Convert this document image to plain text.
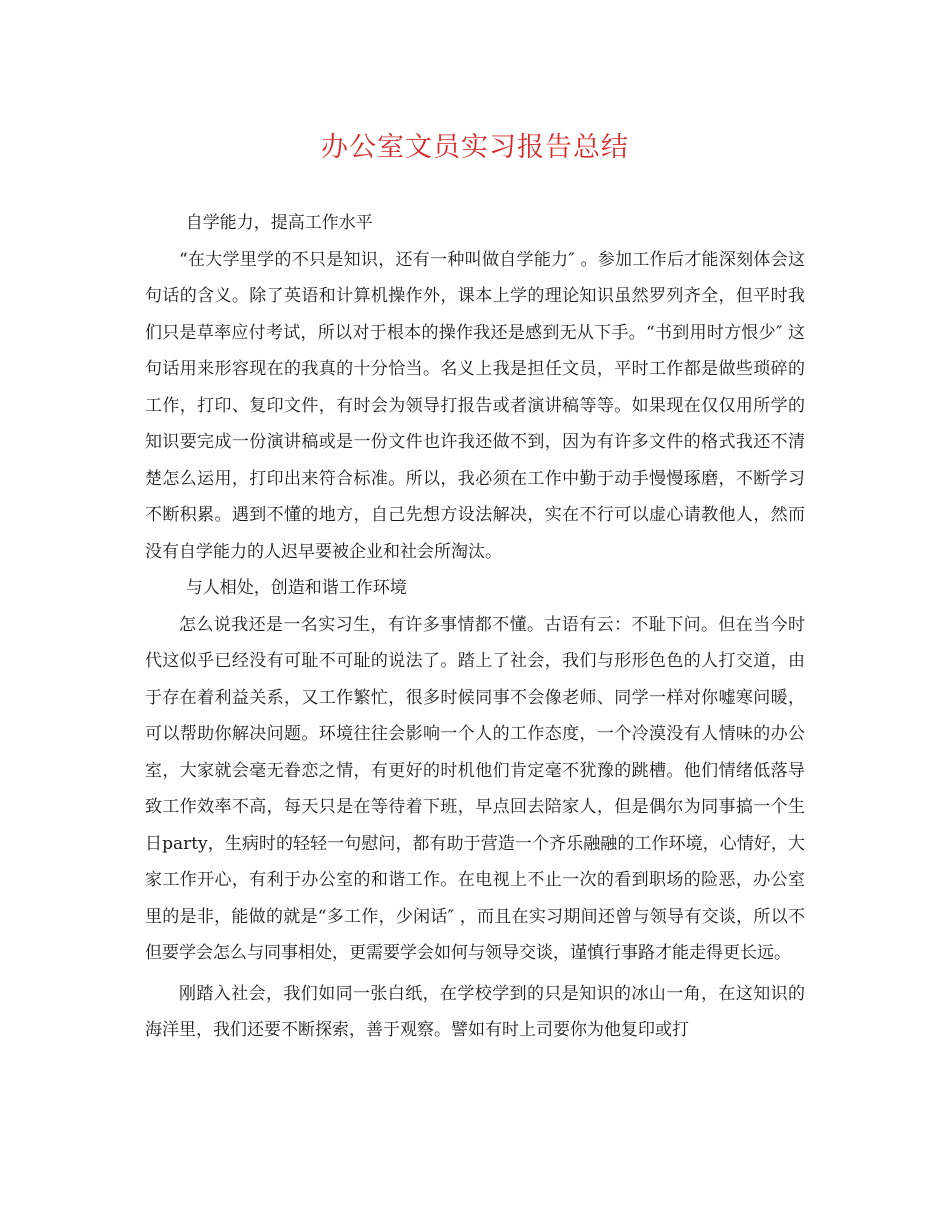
办公室文员实习报告总结

自学能力，提高工作水平

“在大学里学的不只是知识，还有一种叫做自学能力″ 。参加工作后才能深刻体会这句话的含义。除了英语和计算机操作外，课本上学的理论知识虽然罗列齐全，但平时我们只是草率应付考试，所以对于根本的操作我还是感到无从下手。“书到用时方恨少″ 这句话用来形容现在的我真的十分恰当。名义上我是担任文员，平时工作都是做些琐碎的工作，打印、复印文件，有时会为领导打报告或者演讲稿等等。如果现在仅仅用所学的知识要完成一份演讲稿或是一份文件也许我还做不到，因为有许多文件的格式我还不清楚怎么运用，打印出来符合标准。所以，我必须在工作中勤于动手慢慢琢磨，不断学习不断积累。遇到不懂的地方，自己先想方设法解决，实在不行可以虚心请教他人，然而没有自学能力的人迟早要被企业和社会所淘汰。

与人相处，创造和谐工作环境

怎么说我还是一名实习生，有许多事情都不懂。古语有云：不耻下问。但在当今时代这似乎已经没有可耻不可耻的说法了。踏上了社会，我们与形形色色的人打交道，由于存在着利益关系，又工作繁忙，很多时候同事不会像老师、同学一样对你嘘寒问暖，可以帮助你解决问题。环境往往会影响一个人的工作态度，一个冷漠没有人情味的办公室，大家就会毫无眷恋之情，有更好的时机他们肯定毫不犹豫的跳槽。他们情绪低落导致工作效率不高，每天只是在等待着下班，早点回去陪家人，但是偶尔为同事搞一个生日party，生病时的轻轻一句慰问，都有助于营造一个齐乐融融的工作环境，心情好，大家工作开心，有利于办公室的和谐工作。在电视上不止一次的看到职场的险恶，办公室里的是非，能做的就是“多工作，少闲话″ ，而且在实习期间还曾与领导有交谈，所以不但要学会怎么与同事相处，更需要学会如何与领导交谈，谨慎行事路才能走得更长远。

刚踏入社会，我们如同一张白纸，在学校学到的只是知识的冰山一角，在这知识的海洋里，我们还要不断探索，善于观察。譬如有时上司要你为他复印或打
